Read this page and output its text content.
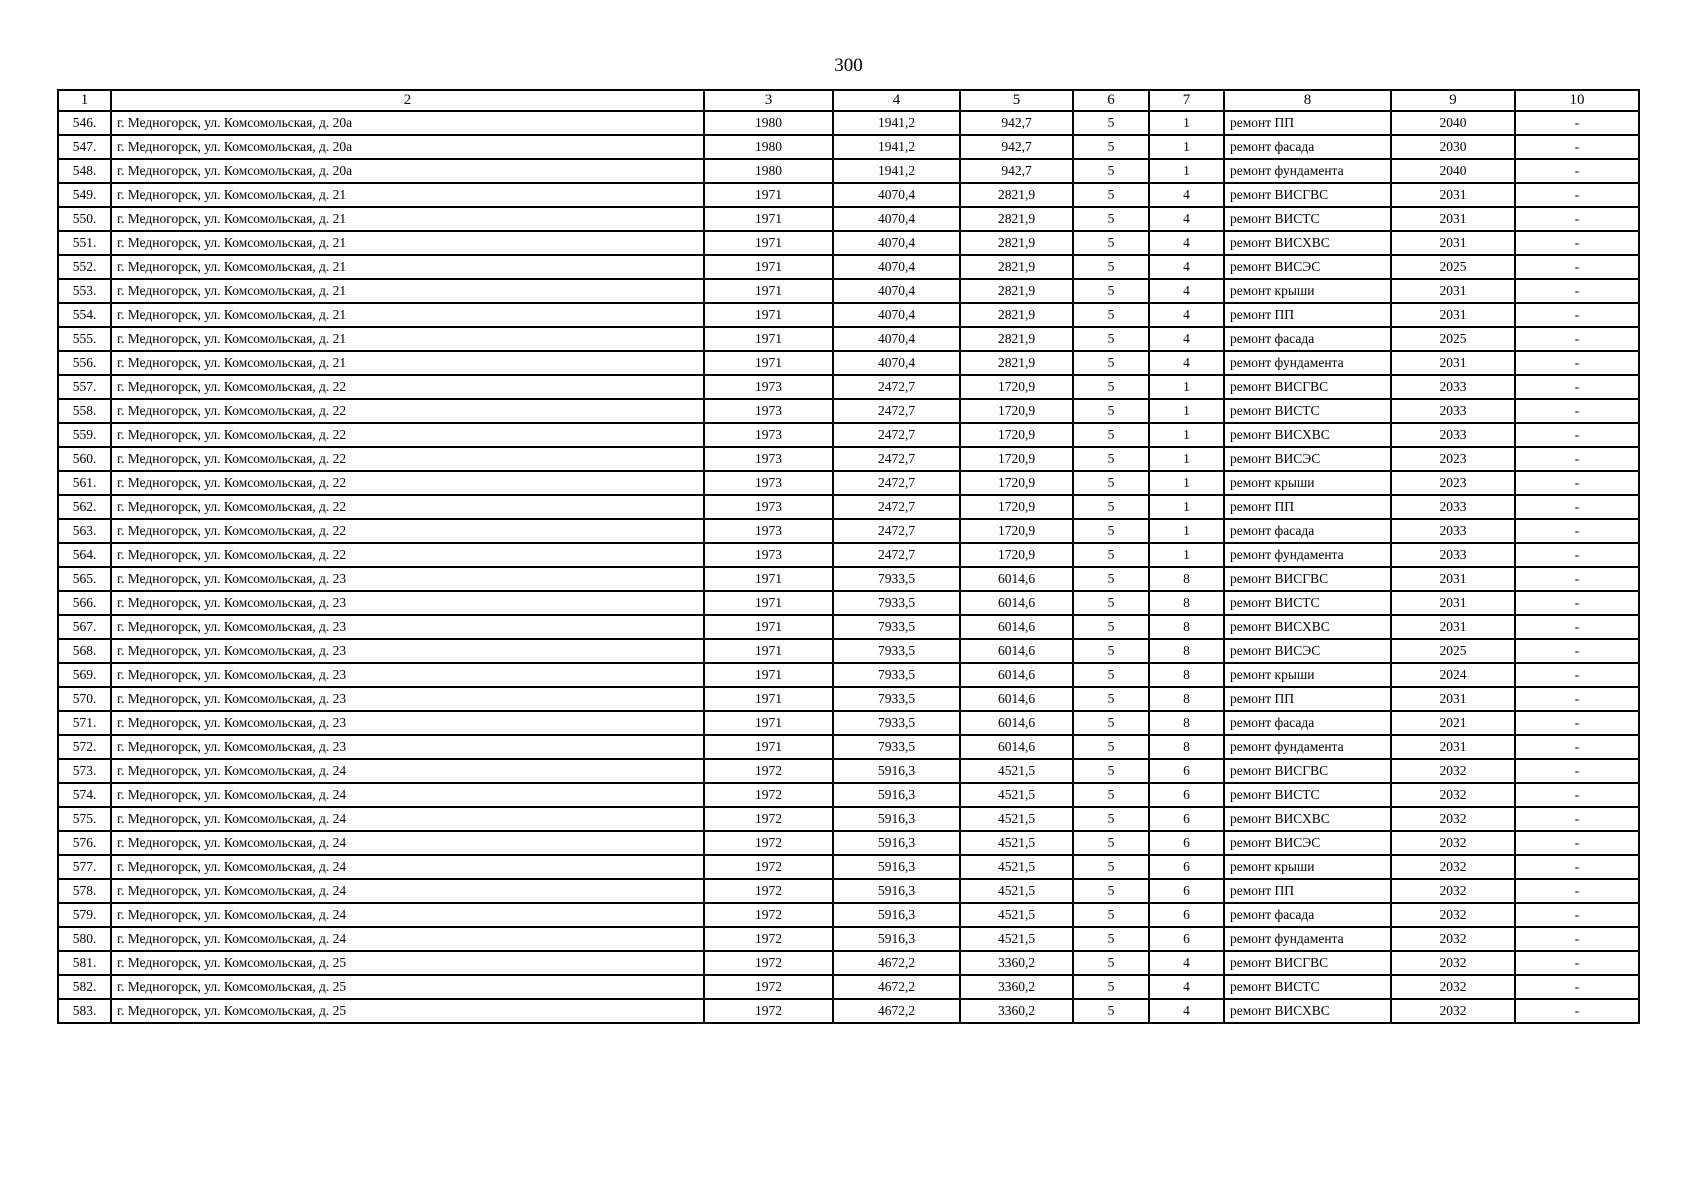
300
1	2	3	4	5	6	7	8	9	10
546.	г. Медногорск, ул. Комсомольская, д. 20а	1980	1941,2	942,7	5	1	ремонт ПП	2040	-
547.	г. Медногорск, ул. Комсомольская, д. 20а	1980	1941,2	942,7	5	1	ремонт фасада	2030	-
548.	г. Медногорск, ул. Комсомольская, д. 20а	1980	1941,2	942,7	5	1	ремонт фундамента	2040	-
549.	г. Медногорск, ул. Комсомольская, д. 21	1971	4070,4	2821,9	5	4	ремонт ВИСГВС	2031	-
550.	г. Медногорск, ул. Комсомольская, д. 21	1971	4070,4	2821,9	5	4	ремонт ВИСТС	2031	-
551.	г. Медногорск, ул. Комсомольская, д. 21	1971	4070,4	2821,9	5	4	ремонт ВИСХВС	2031	-
552.	г. Медногорск, ул. Комсомольская, д. 21	1971	4070,4	2821,9	5	4	ремонт ВИСЭС	2025	-
553.	г. Медногорск, ул. Комсомольская, д. 21	1971	4070,4	2821,9	5	4	ремонт крыши	2031	-
554.	г. Медногорск, ул. Комсомольская, д. 21	1971	4070,4	2821,9	5	4	ремонт ПП	2031	-
555.	г. Медногорск, ул. Комсомольская, д. 21	1971	4070,4	2821,9	5	4	ремонт фасада	2025	-
556.	г. Медногорск, ул. Комсомольская, д. 21	1971	4070,4	2821,9	5	4	ремонт фундамента	2031	-
557.	г. Медногорск, ул. Комсомольская, д. 22	1973	2472,7	1720,9	5	1	ремонт ВИСГВС	2033	-
558.	г. Медногорск, ул. Комсомольская, д. 22	1973	2472,7	1720,9	5	1	ремонт ВИСТС	2033	-
559.	г. Медногорск, ул. Комсомольская, д. 22	1973	2472,7	1720,9	5	1	ремонт ВИСХВС	2033	-
560.	г. Медногорск, ул. Комсомольская, д. 22	1973	2472,7	1720,9	5	1	ремонт ВИСЭС	2023	-
561.	г. Медногорск, ул. Комсомольская, д. 22	1973	2472,7	1720,9	5	1	ремонт крыши	2023	-
562.	г. Медногорск, ул. Комсомольская, д. 22	1973	2472,7	1720,9	5	1	ремонт ПП	2033	-
563.	г. Медногорск, ул. Комсомольская, д. 22	1973	2472,7	1720,9	5	1	ремонт фасада	2033	-
564.	г. Медногорск, ул. Комсомольская, д. 22	1973	2472,7	1720,9	5	1	ремонт фундамента	2033	-
565.	г. Медногорск, ул. Комсомольская, д. 23	1971	7933,5	6014,6	5	8	ремонт ВИСГВС	2031	-
566.	г. Медногорск, ул. Комсомольская, д. 23	1971	7933,5	6014,6	5	8	ремонт ВИСТС	2031	-
567.	г. Медногорск, ул. Комсомольская, д. 23	1971	7933,5	6014,6	5	8	ремонт ВИСХВС	2031	-
568.	г. Медногорск, ул. Комсомольская, д. 23	1971	7933,5	6014,6	5	8	ремонт ВИСЭС	2025	-
569.	г. Медногорск, ул. Комсомольская, д. 23	1971	7933,5	6014,6	5	8	ремонт крыши	2024	-
570.	г. Медногорск, ул. Комсомольская, д. 23	1971	7933,5	6014,6	5	8	ремонт ПП	2031	-
571.	г. Медногорск, ул. Комсомольская, д. 23	1971	7933,5	6014,6	5	8	ремонт фасада	2021	-
572.	г. Медногорск, ул. Комсомольская, д. 23	1971	7933,5	6014,6	5	8	ремонт фундамента	2031	-
573.	г. Медногорск, ул. Комсомольская, д. 24	1972	5916,3	4521,5	5	6	ремонт ВИСГВС	2032	-
574.	г. Медногорск, ул. Комсомольская, д. 24	1972	5916,3	4521,5	5	6	ремонт ВИСТС	2032	-
575.	г. Медногорск, ул. Комсомольская, д. 24	1972	5916,3	4521,5	5	6	ремонт ВИСХВС	2032	-
576.	г. Медногорск, ул. Комсомольская, д. 24	1972	5916,3	4521,5	5	6	ремонт ВИСЭС	2032	-
577.	г. Медногорск, ул. Комсомольская, д. 24	1972	5916,3	4521,5	5	6	ремонт крыши	2032	-
578.	г. Медногорск, ул. Комсомольская, д. 24	1972	5916,3	4521,5	5	6	ремонт ПП	2032	-
579.	г. Медногорск, ул. Комсомольская, д. 24	1972	5916,3	4521,5	5	6	ремонт фасада	2032	-
580.	г. Медногорск, ул. Комсомольская, д. 24	1972	5916,3	4521,5	5	6	ремонт фундамента	2032	-
581.	г. Медногорск, ул. Комсомольская, д. 25	1972	4672,2	3360,2	5	4	ремонт ВИСГВС	2032	-
582.	г. Медногорск, ул. Комсомольская, д. 25	1972	4672,2	3360,2	5	4	ремонт ВИСТС	2032	-
583.	г. Медногорск, ул. Комсомольская, д. 25	1972	4672,2	3360,2	5	4	ремонт ВИСХВС	2032	-
